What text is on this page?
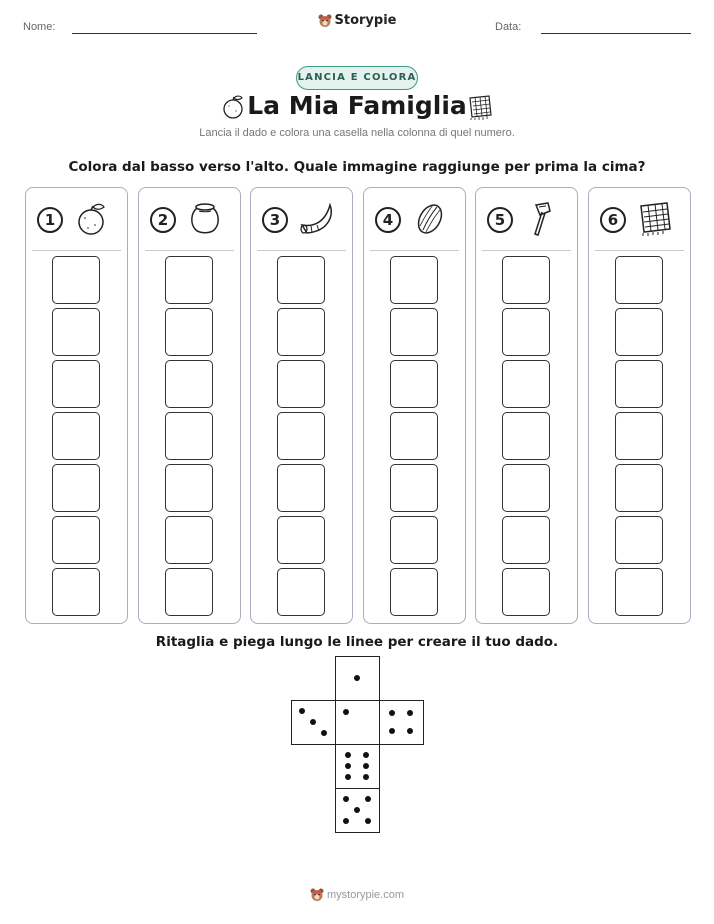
Nome:	Data:
Storypie
LANCIA E COLORA
La Mia Famiglia
Lancia il dado e colora una casella nella colonna di quel numero.
Colora dal basso verso l'alto. Quale immagine raggiunge per prima la cima?
1	2	3	4	5	6
Ritaglia e piega lungo le linee per creare il tuo dado.
mystorypie.com
